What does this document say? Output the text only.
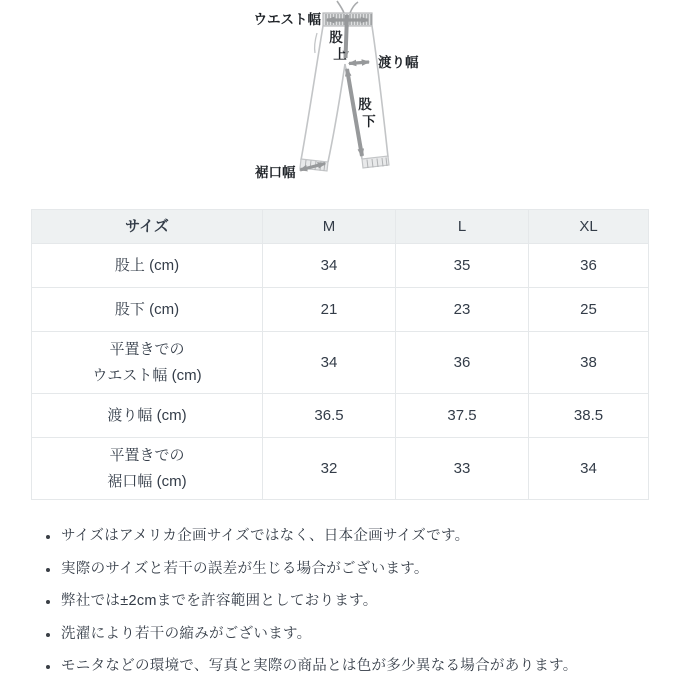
ウエスト幅
股
上
渡り幅
股
下
裾口幅
サイズ	M	L	XL

股上 (cm)	34	35	36

股下 (cm)	21	23	25

平置きでの
ウエスト幅 (cm)	34	36	38

渡り幅 (cm)	36.5	37.5	38.5

平置きでの
裾口幅 (cm)	32	33	34
サイズはアメリカ企画サイズではなく、日本企画サイズです。
実際のサイズと若干の誤差が生じる場合がございます。
弊社では±2cmまでを許容範囲としております。
洗濯により若干の縮みがございます。
モニタなどの環境で、写真と実際の商品とは色が多少異なる場合があります。
